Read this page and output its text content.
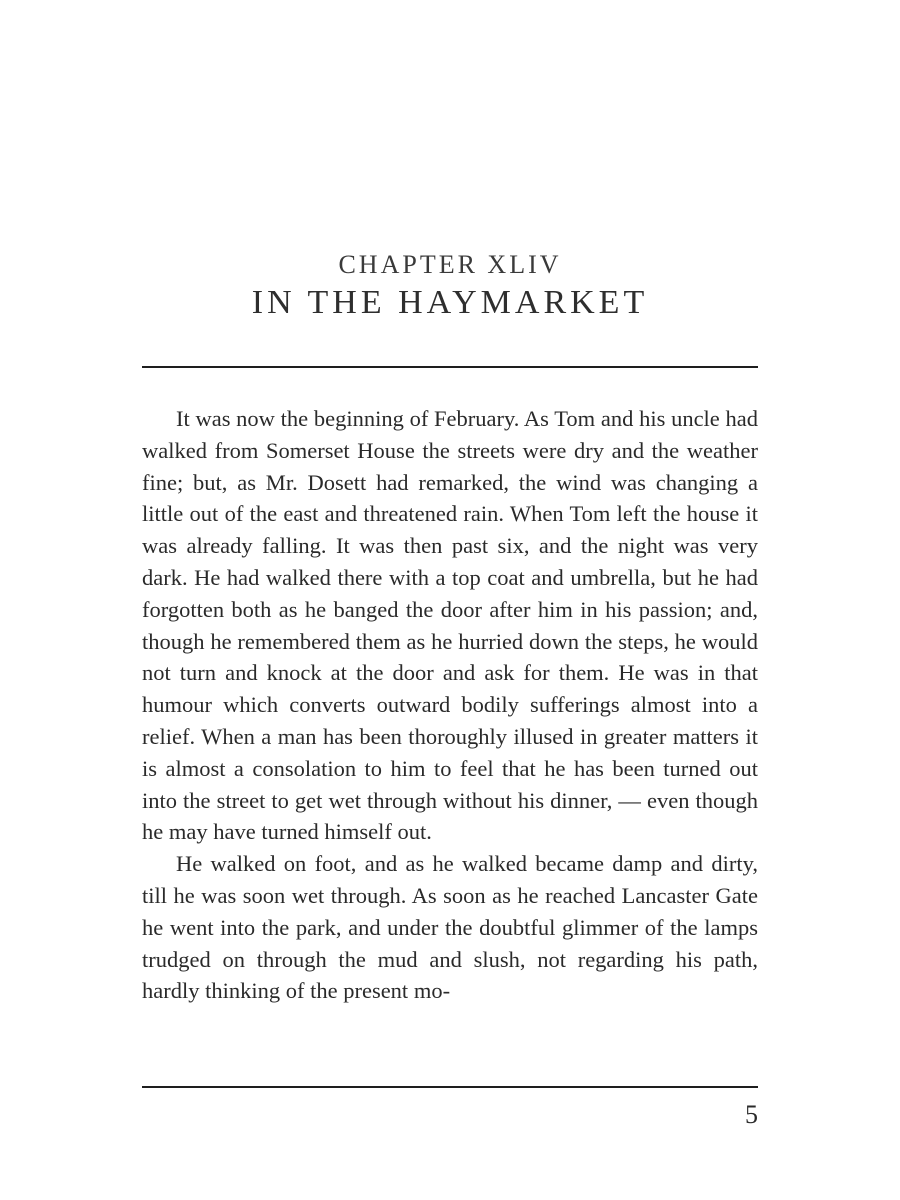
CHAPTER XLIV
IN THE HAYMARKET

It was now the beginning of February. As Tom and his uncle had walked from Somerset House the streets were dry and the weather fine; but, as Mr. Dosett had remarked, the wind was changing a little out of the east and threatened rain. When Tom left the house it was already falling. It was then past six, and the night was very dark. He had walked there with a top coat and umbrella, but he had forgotten both as he banged the door after him in his passion; and, though he remembered them as he hurried down the steps, he would not turn and knock at the door and ask for them. He was in that humour which converts outward bodily sufferings almost into a relief. When a man has been thoroughly illused in greater matters it is almost a consolation to him to feel that he has been turned out into the street to get wet through without his dinner, — even though he may have turned himself out.

He walked on foot, and as he walked became damp and dirty, till he was soon wet through. As soon as he reached Lancaster Gate he went into the park, and under the doubtful glimmer of the lamps trudged on through the mud and slush, not regarding his path, hardly thinking of the present mo-

5
